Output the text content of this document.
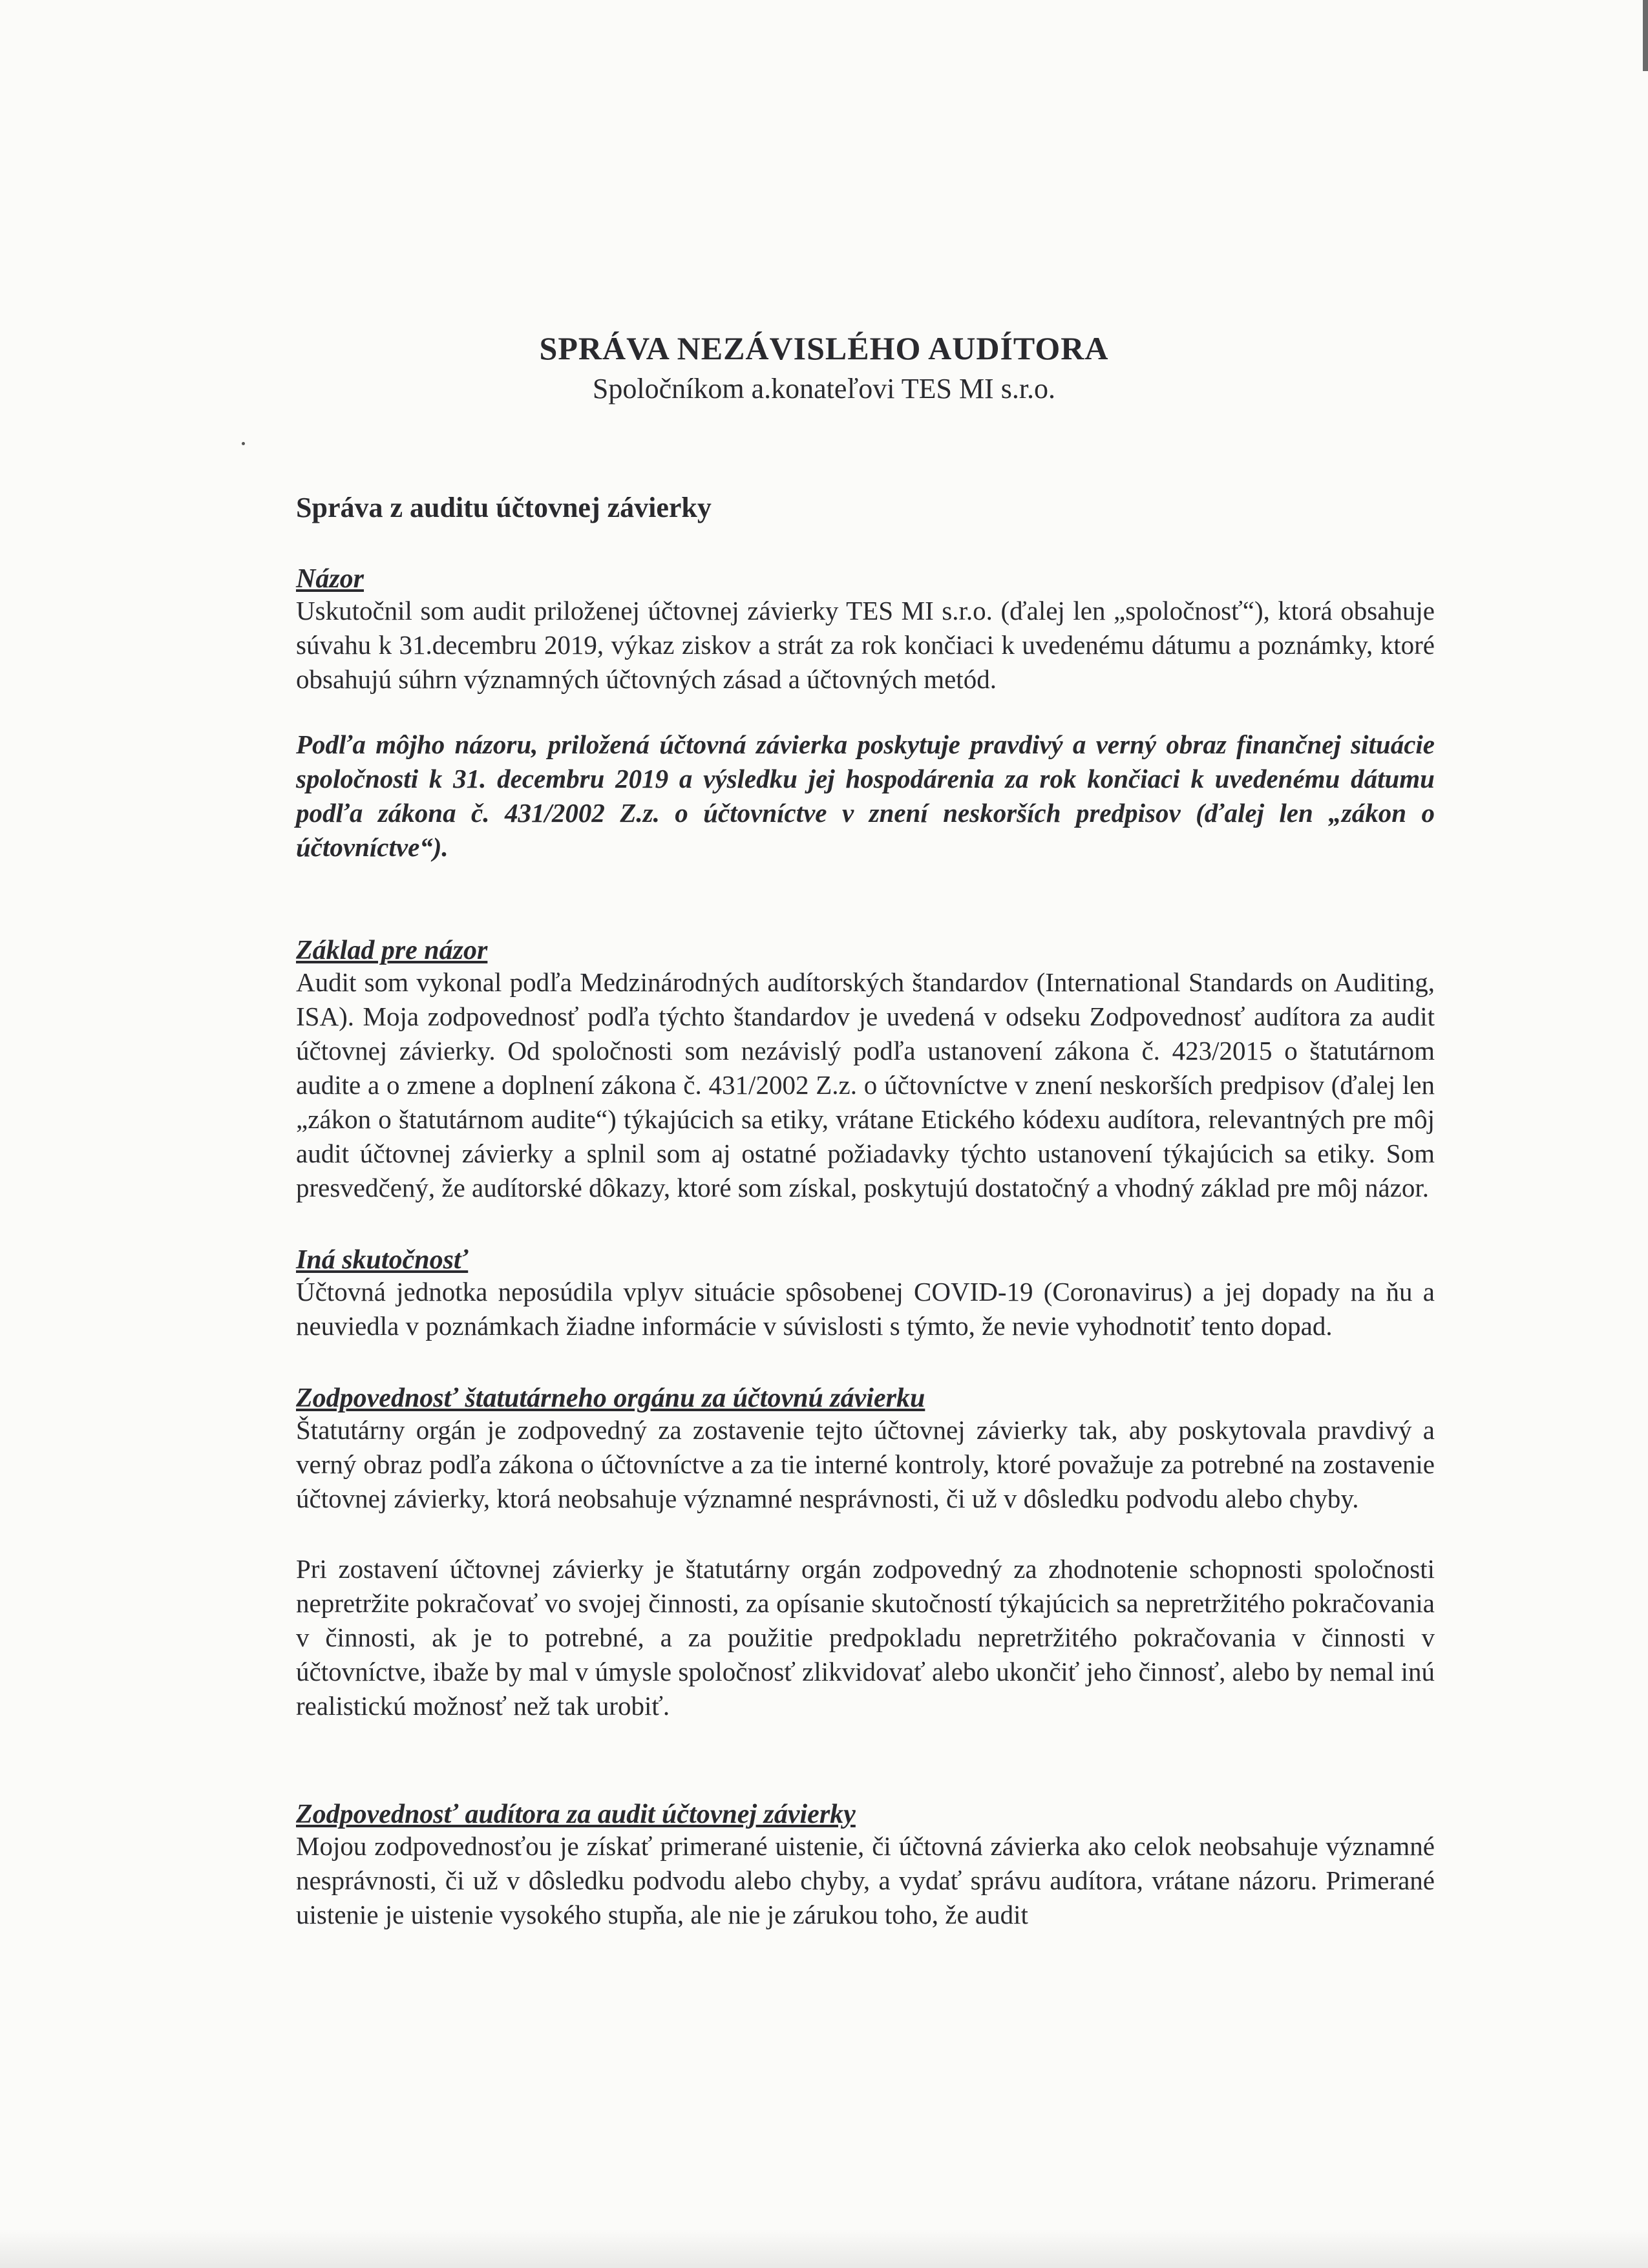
SPRÁVA NEZÁVISLÉHO AUDÍTORA

Spoločníkom a.konateľovi TES MI s.r.o.

Správa z auditu účtovnej závierky

Názor

Uskutočnil som audit priloženej účtovnej závierky TES MI s.r.o. (ďalej len „spoločnosť“), ktorá obsahuje súvahu k 31.decembru 2019, výkaz ziskov a strát za rok končiaci k uvedenému dátumu a poznámky, ktoré obsahujú súhrn významných účtovných zásad a účtovných metód.

Podľa môjho názoru, priložená účtovná závierka poskytuje pravdivý a verný obraz finančnej situácie spoločnosti k 31. decembru 2019 a výsledku jej hospodárenia za rok končiaci k uvedenému dátumu podľa zákona č. 431/2002 Z.z. o účtovníctve v znení neskorších predpisov (ďalej len „zákon o účtovníctve“).

Základ pre názor

Audit som vykonal podľa Medzinárodných audítorských štandardov (International Standards on Auditing, ISA). Moja zodpovednosť podľa týchto štandardov je uvedená v odseku Zodpovednosť audítora za audit účtovnej závierky. Od spoločnosti som nezávislý podľa ustanovení zákona č. 423/2015 o štatutárnom audite a o zmene a doplnení zákona č. 431/2002 Z.z. o účtovníctve v znení neskorších predpisov (ďalej len „zákon o štatutárnom audite“) týkajúcich sa etiky, vrátane Etického kódexu audítora, relevantných pre môj audit účtovnej závierky a splnil som aj ostatné požiadavky týchto ustanovení týkajúcich sa etiky. Som presvedčený, že audítorské dôkazy, ktoré som získal, poskytujú dostatočný a vhodný základ pre môj názor.

Iná skutočnosť

Účtovná jednotka neposúdila vplyv situácie spôsobenej COVID-19 (Coronavirus) a jej dopady na ňu a neuviedla v poznámkach žiadne informácie v súvislosti s týmto, že nevie vyhodnotiť tento dopad.

Zodpovednosť štatutárneho orgánu za účtovnú závierku

Štatutárny orgán je zodpovedný za zostavenie tejto účtovnej závierky tak, aby poskytovala pravdivý a verný obraz podľa zákona o účtovníctve a za tie interné kontroly, ktoré považuje za potrebné na zostavenie účtovnej závierky, ktorá neobsahuje významné nesprávnosti, či už v dôsledku podvodu alebo chyby.

Pri zostavení účtovnej závierky je štatutárny orgán zodpovedný za zhodnotenie schopnosti spoločnosti nepretržite pokračovať vo svojej činnosti, za opísanie skutočností týkajúcich sa nepretržitého pokračovania v činnosti, ak je to potrebné, a za použitie predpokladu nepretržitého pokračovania v činnosti v účtovníctve, ibaže by mal v úmysle spoločnosť zlikvidovať alebo ukončiť jeho činnosť, alebo by nemal inú realistickú možnosť než tak urobiť.

Zodpovednosť audítora za audit účtovnej závierky

Mojou zodpovednosťou je získať primerané uistenie, či účtovná závierka ako celok neobsahuje významné nesprávnosti, či už v dôsledku podvodu alebo chyby, a vydať správu audítora, vrátane názoru. Primerané uistenie je uistenie vysokého stupňa, ale nie je zárukou toho, že audit
